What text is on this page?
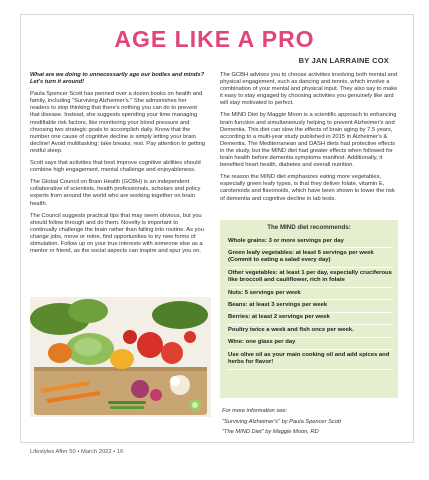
AGE LIKE A PRO
BY JAN LARRAINE COX

What are we doing to unnecessarily age our bodies and minds? Let's turn it around!

Paula Spencer Scott has penned over a dozen books on health and family, including "Surviving Alzheimer's." She admonishes her readers to stop thinking that there's nothing you can do to prevent that disease. Instead, she suggests spending your time managing modifiable risk factors, like monitoring your blood pressure and choosing two strategic goals to accomplish daily. Know that the number one cause of cognitive decline is simply letting your brain decline! Avoid multitasking; take breaks; rest. Pay attention to getting restful sleep.

Scott says that activities that best improve cognitive abilities should combine high engagement, mental challenge and enjoyableness.

The Global Council on Brain Health (GCBH) is an independent collaborative of scientists, health professionals, scholars and policy experts from around the world who are working together on brain health.

The Council suggests practical tips that may seem obvious, but you should follow through and do them. Novelty is important to continually challenge the brain rather than falling into routine. As you change jobs, move or retire, find opportunities to try new forms of stimulation. Follow up on your true interests with someone else as a mentor or friend, as the social aspects can inspire and spur you on.

The GCBH advises you to choose activities involving both mental and physical engagement, such as dancing and tennis, which involve a combination of your mental and physical input. They also say to make it easy to stay engaged by choosing activities you genuinely like and will stay motivated to perfect.

The MIND Diet by Maggie Moon is a scientific approach to enhancing brain function and simultaneously helping to prevent Alzheimer's and Dementia. This diet can slow the effects of brain aging by 7.5 years, according to a multi-year study published in 2015 in Alzheimer's & Dementia. The Mediterranean and DASH diets had protective effects in the study, but the MIND diet had greater effects when followed for brain health before dementia symptoms manifest. Additionally, it benefited heart health, diabetes and overall nutrition.

The reason the MIND diet emphasizes eating more vegetables, especially green leafy types, is that they deliver folate, vitamin E, carotenoids and flavonoids, which have been shown to lower the risk of dementia and cognitive decline in lab tests.

The MIND diet recommends:
Whole grains: 3 or more servings per day
Green leafy vegetables: at least 6 servings per week (Commit to eating a salad every day)
Other vegetables: at least 1 per day, especially cruciferous like broccoli and cauliflower, rich in folate
Nuts: 5 servings per week
Beans: at least 3 servings per week
Berries: at least 2 servings per week
Poultry twice a week and fish once per week.
Wine: one glass per day
Use olive oil as your main cooking oil and add spices and herbs for flavor!
For more information see:
"Surviving Alzheimer's" by Paula Spencer Scott
"The MIND Diet" by Maggie Moon, RD
Lifestyles After 50 • March 2022 • 16
